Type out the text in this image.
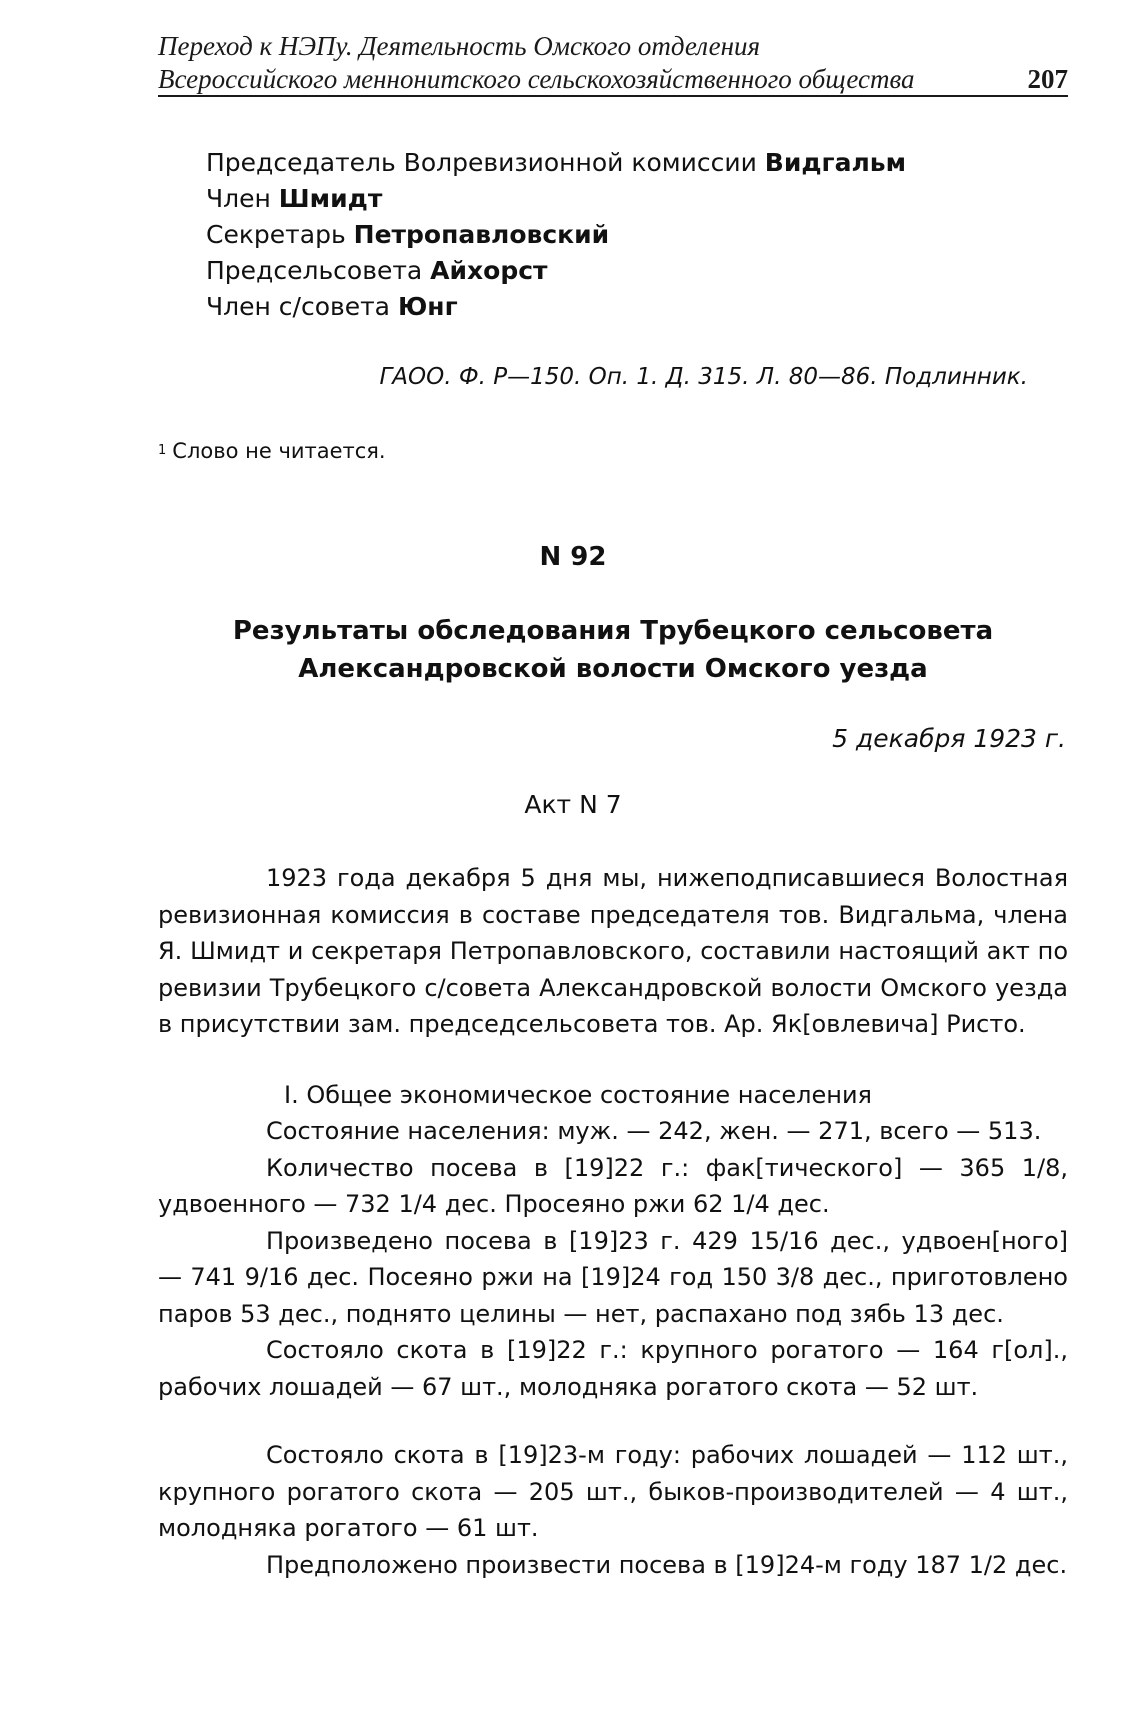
Переход к НЭПу. Деятельность Омского отделения
Всероссийского меннонитского сельскохозяйственного общества	207
Председатель Волревизионной комиссии Видгальм
Член Шмидт
Секретарь Петропавловский
Предсельсовета Айхорст
Член с/совета Юнг
ГАОО. Ф. Р—150. Оп. 1. Д. 315. Л. 80—86. Подлинник.
$^1$ Слово не читается.
N 92
Результаты обследования Трубецкого сельсовета
Александровской волости Омского уезда
5 декабря 1923 г.
Акт N 7

1923 года декабря 5 дня мы, нижеподписавшиеся Волостная ревизионная комиссия в составе председателя тов. Видгальма, члена Я. Шмидт и секретаря Петропавловского, составили настоящий акт по ревизии Трубецкого с/совета Александровской волости Омского уезда в присутствии зам. председсельсовета тов. Ар. Як[овлевича] Ристо.

I. Общее экономическое состояние населения

Состояние населения: муж. — 242, жен. — 271, всего — 513.

Количество посева в [19]22 г.: фак[тического] — 365 1/8, удвоенного — 732 1/4 дес. Просеяно ржи 62 1/4 дес.

Произведено посева в [19]23 г. 429 15/16 дес., удвоен[ного] — 741 9/16 дес. Посеяно ржи на [19]24 год 150 3/8 дес., приготовлено паров 53 дес., поднято целины — нет, распахано под зябь 13 дес.

Состояло скота в [19]22 г.: крупного рогатого — 164 г[ол]., рабочих лошадей — 67 шт., молодняка рогатого скота — 52 шт.

Состояло скота в [19]23-м году: рабочих лошадей — 112 шт., крупного рогатого скота — 205 шт., быков-производителей — 4 шт., молодняка рогатого — 61 шт.

Предположено произвести посева в [19]24-м году 187 1/2 дес.
